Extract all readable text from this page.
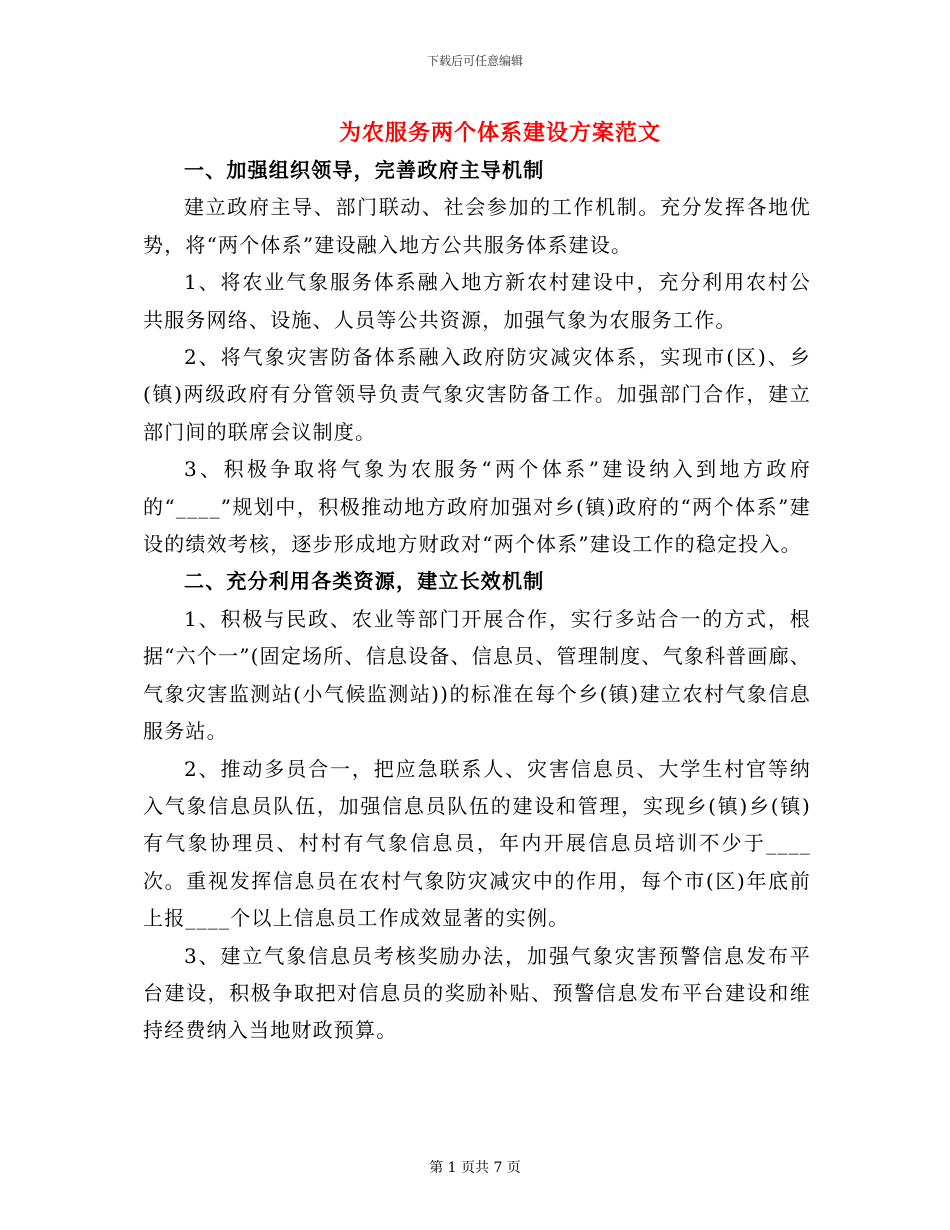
下载后可任意编辑
为农服务两个体系建设方案范文

一、加强组织领导，完善政府主导机制

建立政府主导、部门联动、社会参加的工作机制。充分发挥各地优势，将“两个体系”建设融入地方公共服务体系建设。

1、将农业气象服务体系融入地方新农村建设中，充分利用农村公共服务网络、设施、人员等公共资源，加强气象为农服务工作。

2、将气象灾害防备体系融入政府防灾减灾体系，实现市(区)、乡(镇)两级政府有分管领导负责气象灾害防备工作。加强部门合作，建立部门间的联席会议制度。

3、积极争取将气象为农服务“两个体系”建设纳入到地方政府的“____”规划中，积极推动地方政府加强对乡(镇)政府的“两个体系”建设的绩效考核，逐步形成地方财政对“两个体系”建设工作的稳定投入。

二、充分利用各类资源，建立长效机制

1、积极与民政、农业等部门开展合作，实行多站合一的方式，根据“六个一”(固定场所、信息设备、信息员、管理制度、气象科普画廊、气象灾害监测站(小气候监测站))的标准在每个乡(镇)建立农村气象信息服务站。

2、推动多员合一，把应急联系人、灾害信息员、大学生村官等纳入气象信息员队伍，加强信息员队伍的建设和管理，实现乡(镇)乡(镇)有气象协理员、村村有气象信息员，年内开展信息员培训不少于____次。重视发挥信息员在农村气象防灾减灾中的作用，每个市(区)年底前上报____个以上信息员工作成效显著的实例。

3、建立气象信息员考核奖励办法，加强气象灾害预警信息发布平台建设，积极争取把对信息员的奖励补贴、预警信息发布平台建设和维持经费纳入当地财政预算。

第 1 页共 7 页
